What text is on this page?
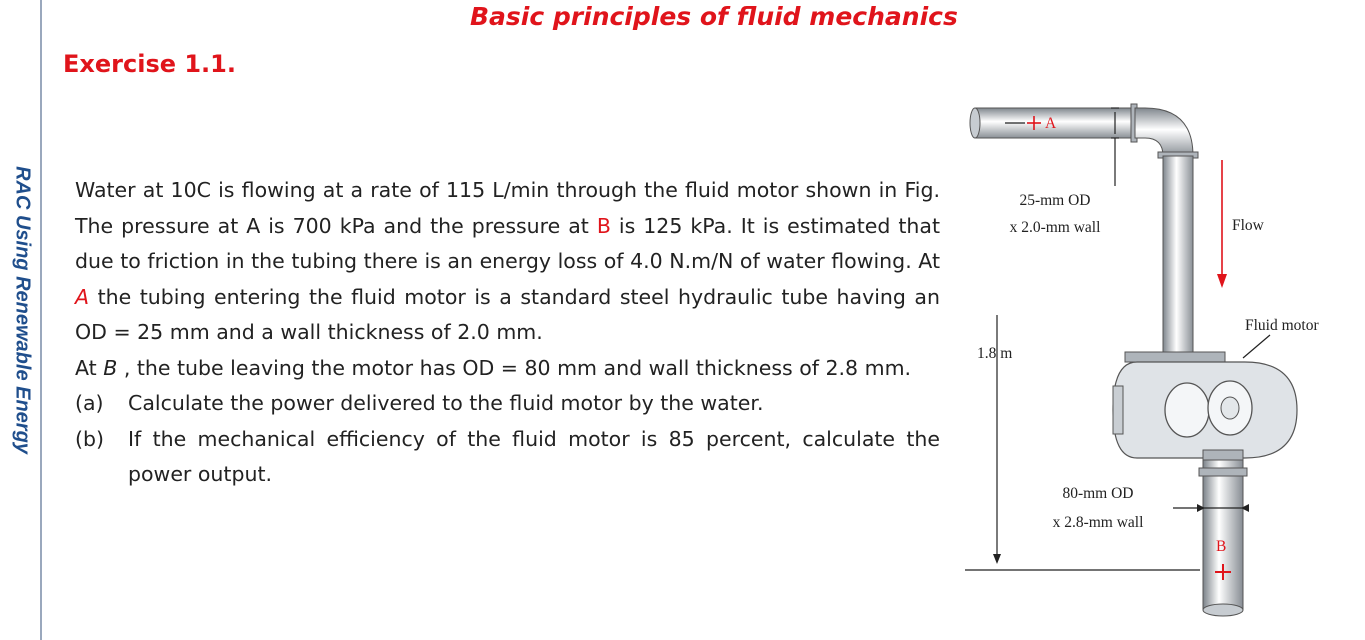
RAC Using Renewable Energy
Basic principles of fluid mechanics
Exercise 1.1.

Water at 10C is flowing at a rate of 115 L/min through the fluid motor shown in Fig. The pressure at A is 700 kPa and the pressure at B is 125 kPa. It is estimated that due to friction in the tubing there is an energy loss of 4.0 N.m/N of water flowing. At A the tubing entering the fluid motor is a standard steel hydraulic tube having an OD = 25 mm and a wall thickness of 2.0 mm.

At B , the tube leaving the motor has OD = 80 mm and wall thickness of 2.8 mm.

(a)	Calculate the power delivered to the fluid motor by the water.
(b)	If the mechanical efficiency of the fluid motor is 85 percent, calculate the power output.
A
25-mm OD
x 2.0-mm wall	Flow
1.8 m
Fluid motor
B
80-mm OD
x 2.8-mm wall
